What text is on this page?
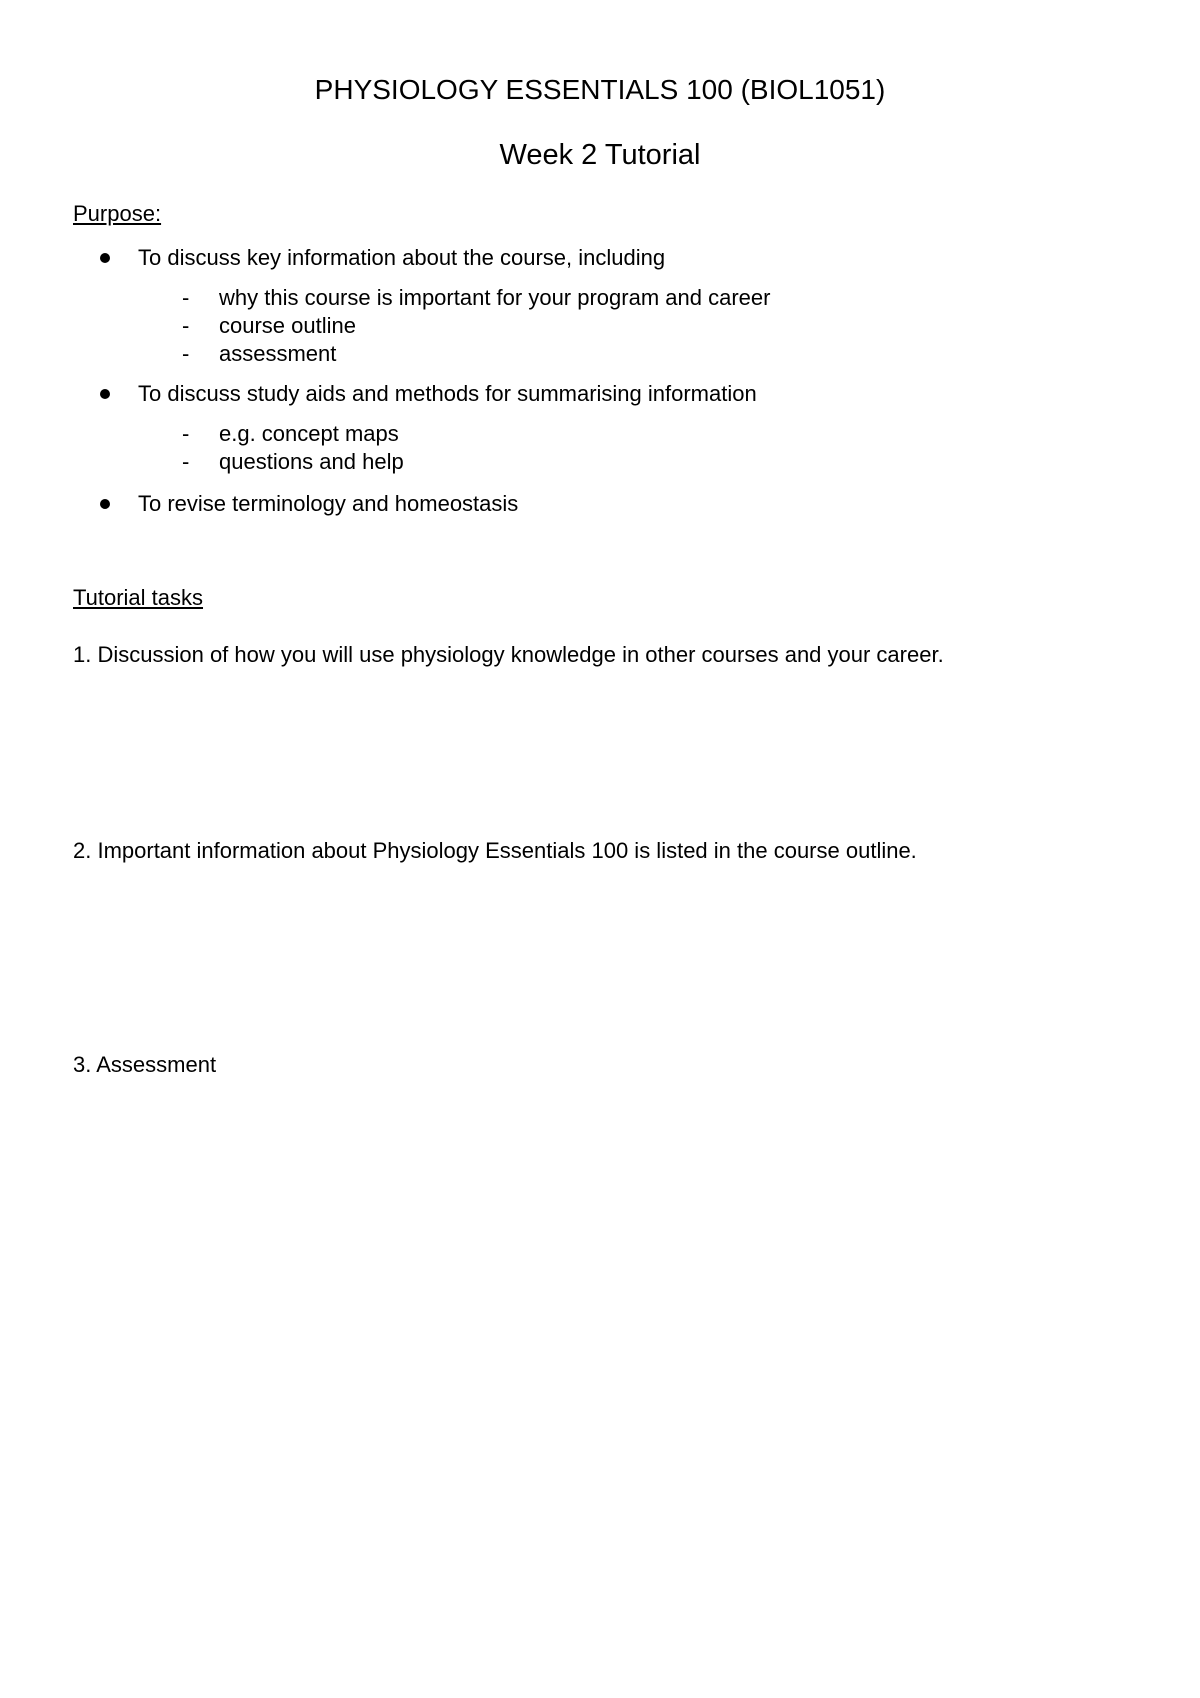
PHYSIOLOGY ESSENTIALS 100 (BIOL1051)
Week 2 Tutorial
Purpose:
To discuss key information about the course, including
- why this course is important for your program and career
- course outline
- assessment
To discuss study aids and methods for summarising information
- e.g. concept maps
- questions and help
To revise terminology and homeostasis
Tutorial tasks
1. Discussion of how you will use physiology knowledge in other courses and your career.
2. Important information about Physiology Essentials 100 is listed in the course outline.
3. Assessment
